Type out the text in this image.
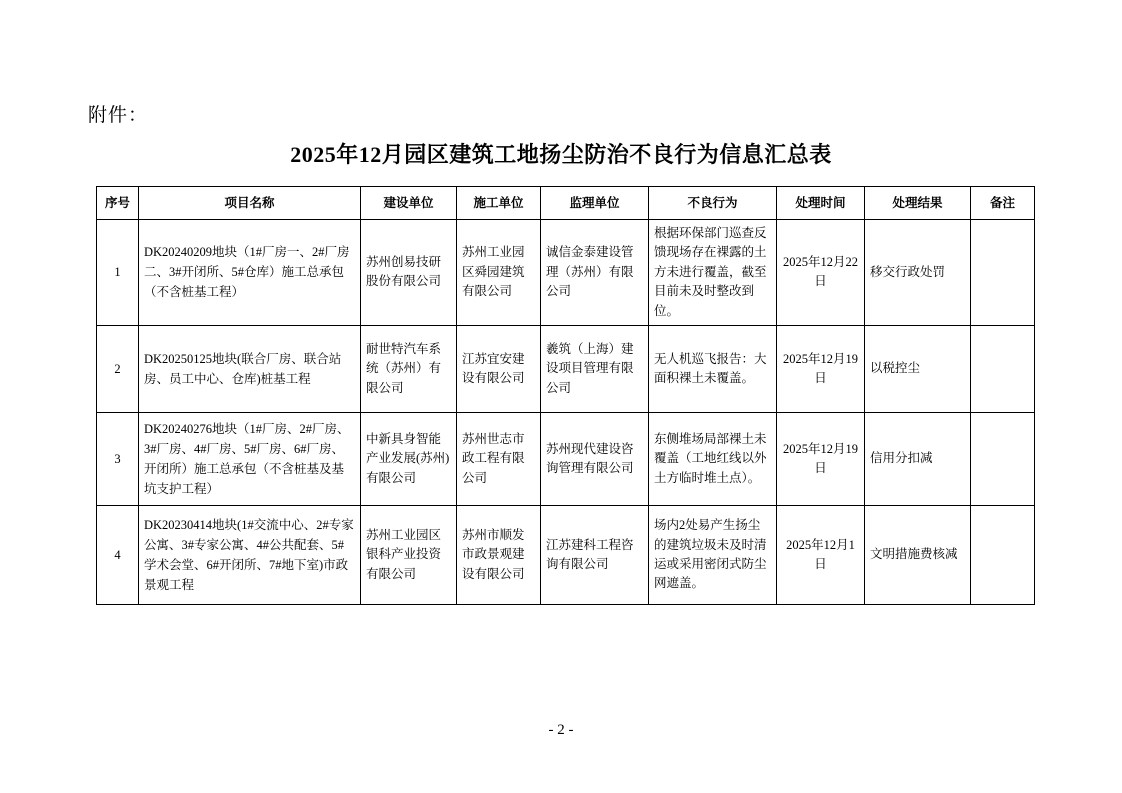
附件：
2025年12月园区建筑工地扬尘防治不良行为信息汇总表
序号	项目名称	建设单位	施工单位	监理单位	不良行为	处理时间	处理结果	备注
1	DK20240209地块（1#厂房一、2#厂房二、3#开闭所、5#仓库）施工总承包（不含桩基工程）	苏州创易技研股份有限公司	苏州工业园区舜园建筑有限公司	诚信金泰建设管理（苏州）有限公司	根据环保部门巡查反馈现场存在裸露的土方未进行覆盖，截至目前未及时整改到位。	2025年12月22日	移交行政处罚	
2	DK20250125地块(联合厂房、联合站房、员工中心、仓库)桩基工程	耐世特汽车系统（苏州）有限公司	江苏宜安建设有限公司	羲筑（上海）建设项目管理有限公司	无人机巡飞报告：大面积裸土未覆盖。	2025年12月19日	以税控尘	
3	DK20240276地块（1#厂房、2#厂房、3#厂房、4#厂房、5#厂房、6#厂房、开闭所）施工总承包（不含桩基及基坑支护工程）	中新具身智能产业发展(苏州)有限公司	苏州世志市政工程有限公司	苏州现代建设咨询管理有限公司	东侧堆场局部裸土未覆盖（工地红线以外土方临时堆土点）。	2025年12月19日	信用分扣减	
4	DK20230414地块(1#交流中心、2#专家公寓、3#专家公寓、4#公共配套、5#学术会堂、6#开闭所、7#地下室)市政景观工程	苏州工业园区银科产业投资有限公司	苏州市顺发市政景观建设有限公司	江苏建科工程咨询有限公司	场内2处易产生扬尘的建筑垃圾未及时清运或采用密闭式防尘网遮盖。	2025年12月1日	文明措施费核减	
- 2 -
